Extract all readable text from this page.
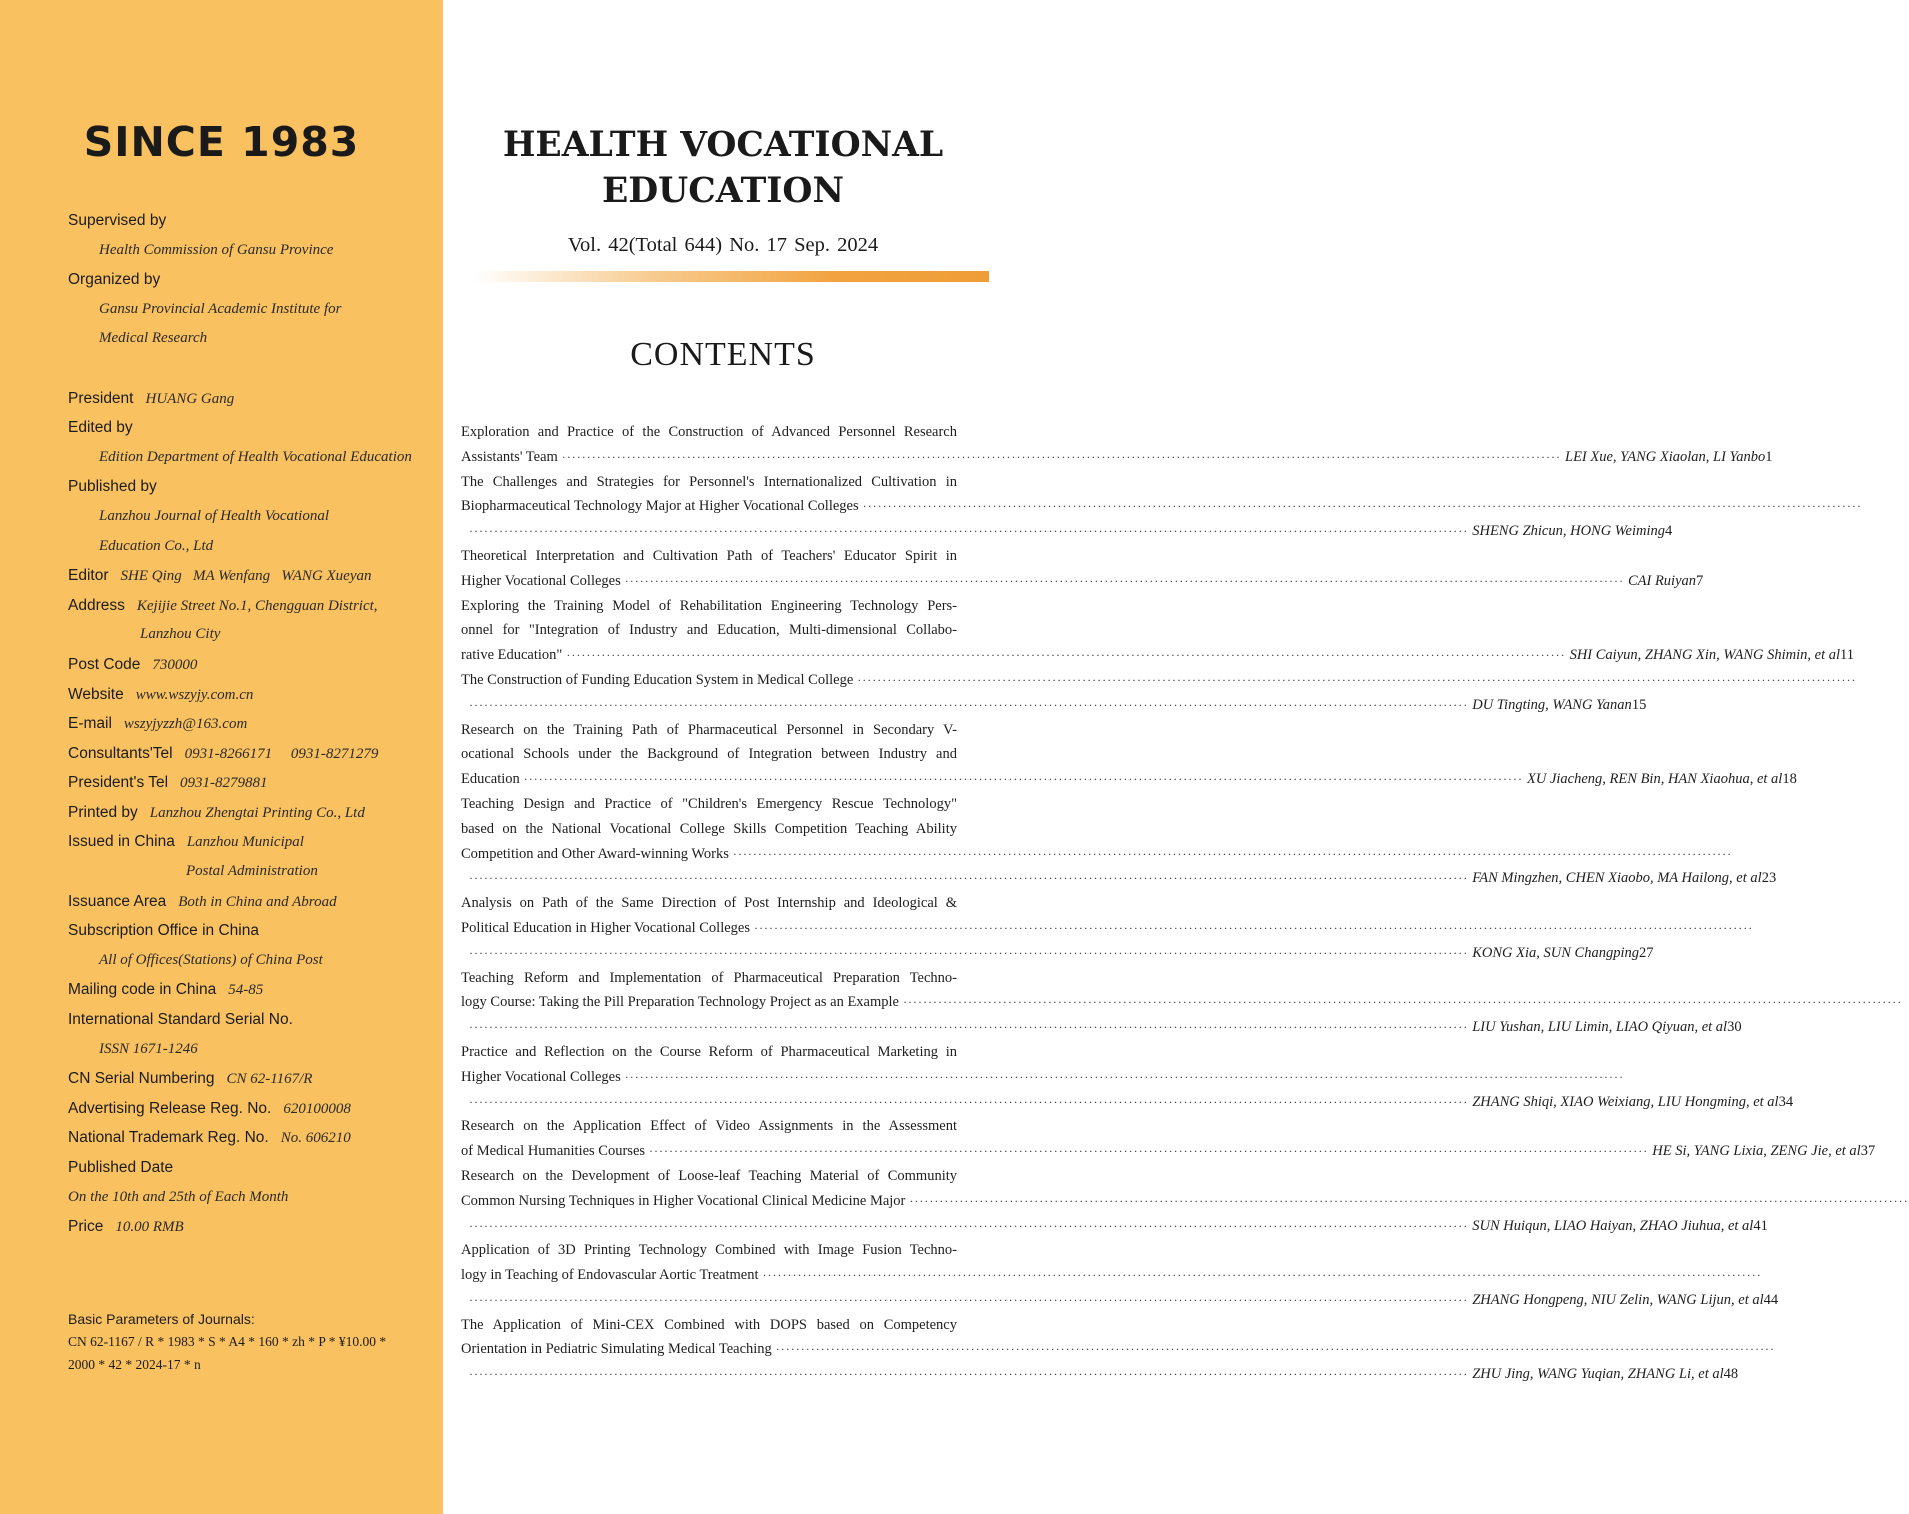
SINCE 1983
Supervised by
Health Commission of Gansu Province
Organized by
Gansu Provincial Academic Institute for
Medical Research
President HUANG Gang
Edited by
Edition Department of Health Vocational Education
Published by
Lanzhou Journal of Health Vocational
Education Co., Ltd
Editor SHE Qing   MA Wenfang   WANG Xueyan
Address Kejijie Street No.1, Chengguan District,
Lanzhou City
Post Code 730000
Website www.wszyjy.com.cn
E-mail wszyjyzzh@163.com
Consultants'Tel 0931-8266171     0931-8271279
President's Tel 0931-8279881
Printed by Lanzhou Zhengtai Printing Co., Ltd
Issued in China Lanzhou Municipal
Postal Administration
Issuance Area Both in China and Abroad
Subscription Office in China
All of Offices(Stations) of China Post
Mailing code in China 54-85
International Standard Serial No.
ISSN 1671-1246
CN Serial Numbering CN 62-1167/R
Advertising Release Reg. No. 620100008
National Trademark Reg. No. No. 606210
Published Date
On the 10th and 25th of Each Month
Price 10.00 RMB
Basic Parameters of Journals:
CN 62-1167 / R * 1983 * S * A4 * 160 * zh * P * ¥10.00 *
2000 * 42 * 2024-17 * n
HEALTH VOCATIONAL
EDUCATION
Vol. 42(Total 644) No. 17 Sep. 2024
CONTENTS
Exploration and Practice of the Construction of Advanced Personnel Research
Assistants' Team ········································································································································································································ LEI Xue, YANG Xiaolan, LI Yanbo 1
The Challenges and Strategies for Personnel's Internationalized Cultivation in
Biopharmaceutical Technology Major at Higher Vocational Colleges ········································································································································································································
········································································································································································································ SHENG Zhicun, HONG Weiming 4
Theoretical Interpretation and Cultivation Path of Teachers' Educator Spirit in
Higher Vocational Colleges ········································································································································································································ CAI Ruiyan 7
Exploring the Training Model of Rehabilitation Engineering Technology Pers-
onnel for "Integration of Industry and Education, Multi-dimensional Collabo-
rative Education" ········································································································································································································ SHI Caiyun, ZHANG Xin, WANG Shimin, et al 11
The Construction of Funding Education System in Medical College ········································································································································································································
········································································································································································································ DU Tingting, WANG Yanan 15
Research on the Training Path of Pharmaceutical Personnel in Secondary V-
ocational Schools under the Background of Integration between Industry and
Education ········································································································································································································ XU Jiacheng, REN Bin, HAN Xiaohua, et al 18
Teaching Design and Practice of "Children's Emergency Rescue Technology"
based on the National Vocational College Skills Competition Teaching Ability
Competition and Other Award-winning Works ········································································································································································································
········································································································································································································ FAN Mingzhen, CHEN Xiaobo, MA Hailong, et al 23
Analysis on Path of the Same Direction of Post Internship and Ideological &
Political Education in Higher Vocational Colleges ········································································································································································································
········································································································································································································ KONG Xia, SUN Changping 27
Teaching Reform and Implementation of Pharmaceutical Preparation Techno-
logy Course: Taking the Pill Preparation Technology Project as an Example ········································································································································································································
········································································································································································································ LIU Yushan, LIU Limin, LIAO Qiyuan, et al 30
Practice and Reflection on the Course Reform of Pharmaceutical Marketing in
Higher Vocational Colleges ········································································································································································································
········································································································································································································ ZHANG Shiqi, XIAO Weixiang, LIU Hongming, et al 34
Research on the Application Effect of Video Assignments in the Assessment
of Medical Humanities Courses ········································································································································································································ HE Si, YANG Lixia, ZENG Jie, et al 37
Research on the Development of Loose-leaf Teaching Material of Community
Common Nursing Techniques in Higher Vocational Clinical Medicine Major ········································································································································································································
········································································································································································································ SUN Huiqun, LIAO Haiyan, ZHAO Jiuhua, et al 41
Application of 3D Printing Technology Combined with Image Fusion Techno-
logy in Teaching of Endovascular Aortic Treatment ········································································································································································································
········································································································································································································ ZHANG Hongpeng, NIU Zelin, WANG Lijun, et al 44
The Application of Mini-CEX Combined with DOPS based on Competency
Orientation in Pediatric Simulating Medical Teaching ········································································································································································································
········································································································································································································ ZHU Jing, WANG Yuqian, ZHANG Li, et al 48
